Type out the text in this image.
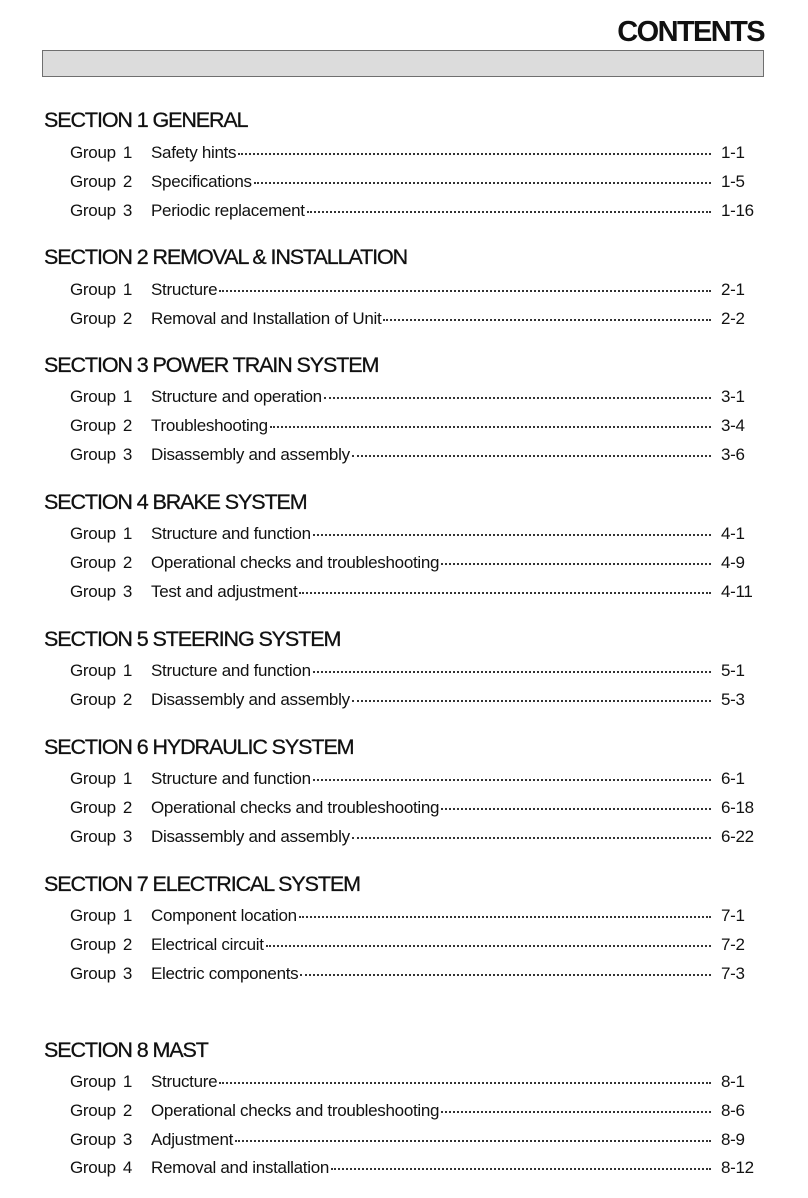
CONTENTS
SECTION 1 GENERAL
Group 1 Safety hints	1-1
Group 2 Specifications	1-5
Group 3 Periodic replacement	1-16
SECTION 2 REMOVAL & INSTALLATION
Group 1 Structure	2-1
Group 2 Removal and Installation of Unit	2-2
SECTION 3 POWER TRAIN SYSTEM
Group 1 Structure and operation	3-1
Group 2 Troubleshooting	3-4
Group 3 Disassembly and assembly	3-6
SECTION 4 BRAKE SYSTEM
Group 1 Structure and function	4-1
Group 2 Operational checks and troubleshooting	4-9
Group 3 Test and adjustment	4-11
SECTION 5 STEERING SYSTEM
Group 1 Structure and function	5-1
Group 2 Disassembly and assembly	5-3
SECTION 6 HYDRAULIC SYSTEM
Group 1 Structure and function	6-1
Group 2 Operational checks and troubleshooting	6-18
Group 3 Disassembly and assembly	6-22
SECTION 7 ELECTRICAL SYSTEM
Group 1 Component location	7-1
Group 2 Electrical circuit	7-2
Group 3 Electric components	7-3
SECTION 8 MAST
Group 1 Structure	8-1
Group 2 Operational checks and troubleshooting	8-6
Group 3 Adjustment	8-9
Group 4 Removal and installation	8-12
